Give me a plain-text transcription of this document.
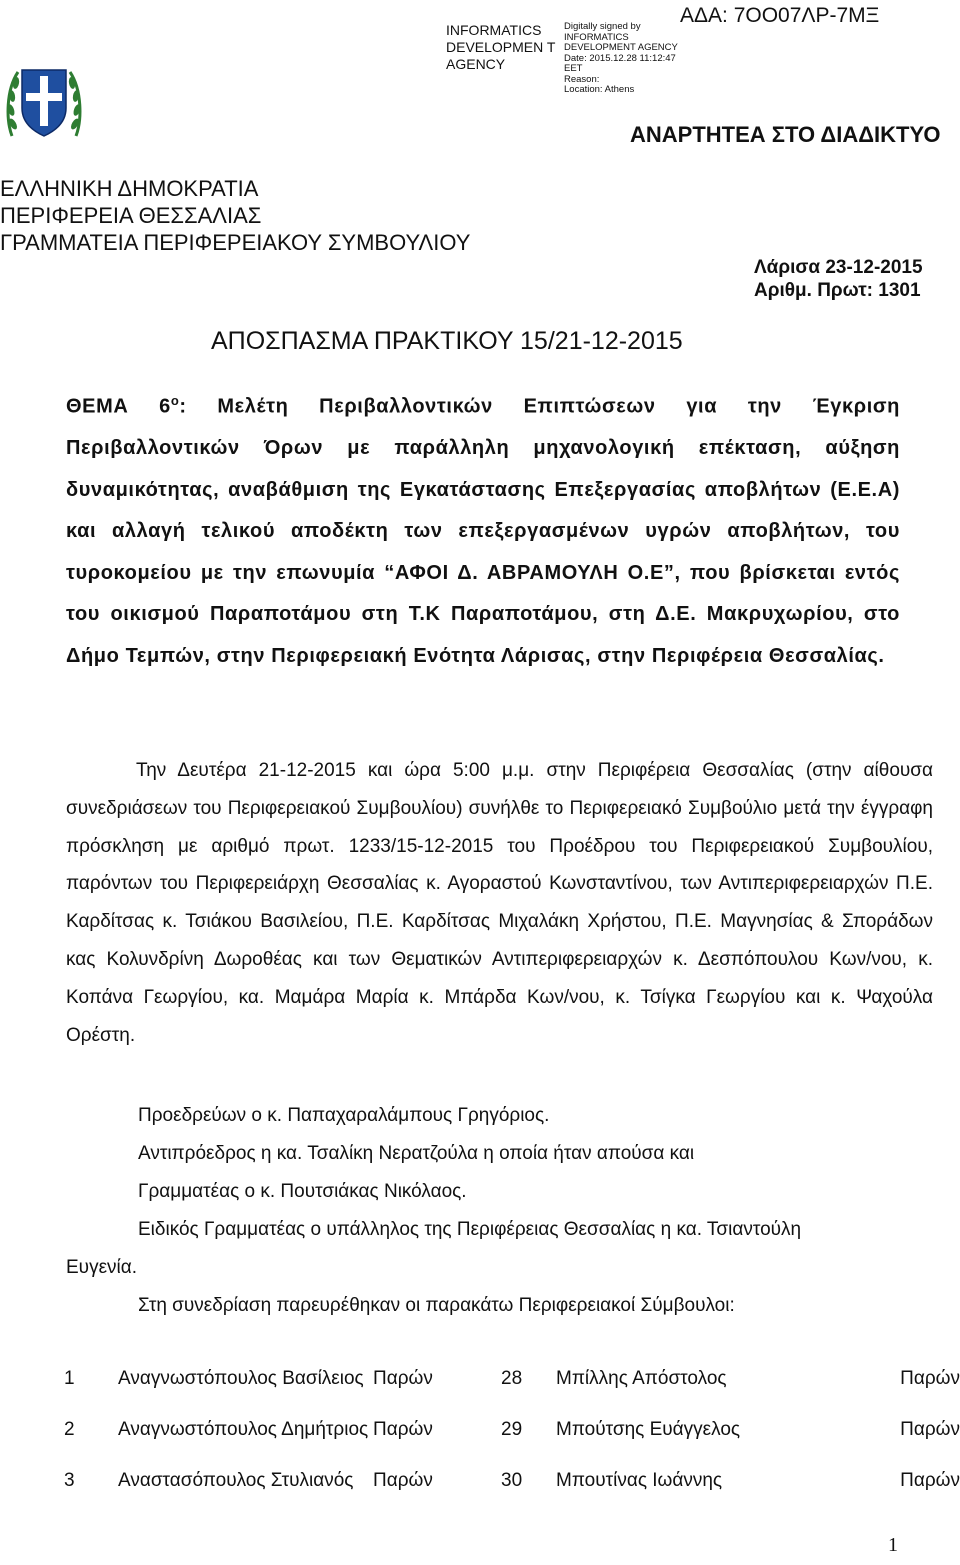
INFORMATICS DEVELOPMEN T AGENCY
Digitally signed by
INFORMATICS
DEVELOPMENT AGENCY
Date: 2015.12.28 11:12:47
EET
Reason:
Location: Athens
ΑΔΑ: 7ΟΟ07ΛΡ-7ΜΞ
ΑΝΑΡΤΗΤΕΑ ΣΤΟ ΔΙΑΔΙΚΤΥΟ
ΕΛΛΗΝΙΚΗ ΔΗΜΟΚΡΑΤΙΑ
ΠΕΡΙΦΕΡΕΙΑ ΘΕΣΣΑΛΙΑΣ
ΓΡΑΜΜΑΤΕΙΑ ΠΕΡΙΦΕΡΕΙΑΚΟΥ ΣΥΜΒΟΥΛΙΟΥ
Λάρισα 23-12-2015
Αριθμ. Πρωτ: 1301
ΑΠΟΣΠΑΣΜΑ ΠΡΑΚΤΙΚΟΥ 15/21-12-2015
ΘΕΜΑ $6^o$: Μελέτη Περιβαλλοντικών Επιπτώσεων για την Έγκριση Περιβαλλοντικών Όρων με παράλληλη μηχανολογική επέκταση, αύξηση δυναμικότητας, αναβάθμιση της Εγκατάστασης Επεξεργασίας αποβλήτων (Ε.Ε.Α) και αλλαγή τελικού αποδέκτη των επεξεργασμένων υγρών αποβλήτων, του τυροκομείου με την επωνυμία “ΑΦΟΙ Δ. ΑΒΡΑΜΟΥΛΗ Ο.Ε”, που βρίσκεται εντός του οικισμού Παραποτάμου στη Τ.Κ Παραποτάμου, στη Δ.Ε. Μακρυχωρίου, στο Δήμο Τεμπών, στην Περιφερειακή Ενότητα Λάρισας, στην Περιφέρεια Θεσσαλίας.
Την Δευτέρα 21-12-2015 και ώρα 5:00 μ.μ. στην Περιφέρεια Θεσσαλίας (στην αίθουσα συνεδριάσεων του Περιφερειακού Συμβουλίου) συνήλθε το Περιφερειακό Συμβούλιο μετά την έγγραφη πρόσκληση με αριθμό πρωτ. 1233/15-12-2015 του Προέδρου του Περιφερειακού Συμβουλίου, παρόντων του Περιφερειάρχη Θεσσαλίας κ. Αγοραστού Κωνσταντίνου, των Αντιπεριφερειαρχών Π.Ε. Καρδίτσας κ. Τσιάκου Βασιλείου, Π.Ε. Καρδίτσας Μιχαλάκη Χρήστου, Π.Ε. Μαγνησίας & Σποράδων κας Κολυνδρίνη Δωροθέας και των Θεματικών Αντιπεριφερειαρχών κ. Δεσπόπουλου Κων/νου, κ. Κοπάνα Γεωργίου, κα. Μαμάρα Μαρία κ. Μπάρδα Κων/νου, κ. Τσίγκα Γεωργίου και κ. Ψαχούλα Ορέστη.
Προεδρεύων ο κ. Παπαχαραλάμπους Γρηγόριος.
Αντιπρόεδρος η κα. Τσαλίκη Νερατζούλα η οποία ήταν απούσα και
Γραμματέας ο κ. Πουτσιάκας Νικόλαος.
Ειδικός Γραμματέας ο υπάλληλος της Περιφέρειας Θεσσαλίας η κα. Τσιαντούλη
Ευγενία.
Στη συνεδρίαση παρευρέθηκαν οι παρακάτω Περιφερειακοί Σύμβουλοι:
1	Αναγνωστόπουλος Βασίλειος	Παρών	28	Μπίλλης Απόστολος	Παρών
2	Αναγνωστόπουλος Δημήτριος	Παρών	29	Μπούτσης Ευάγγελος	Παρών
3	Αναστασόπουλος Στυλιανός	Παρών	30	Μπουτίνας Ιωάννης	Παρών
1
